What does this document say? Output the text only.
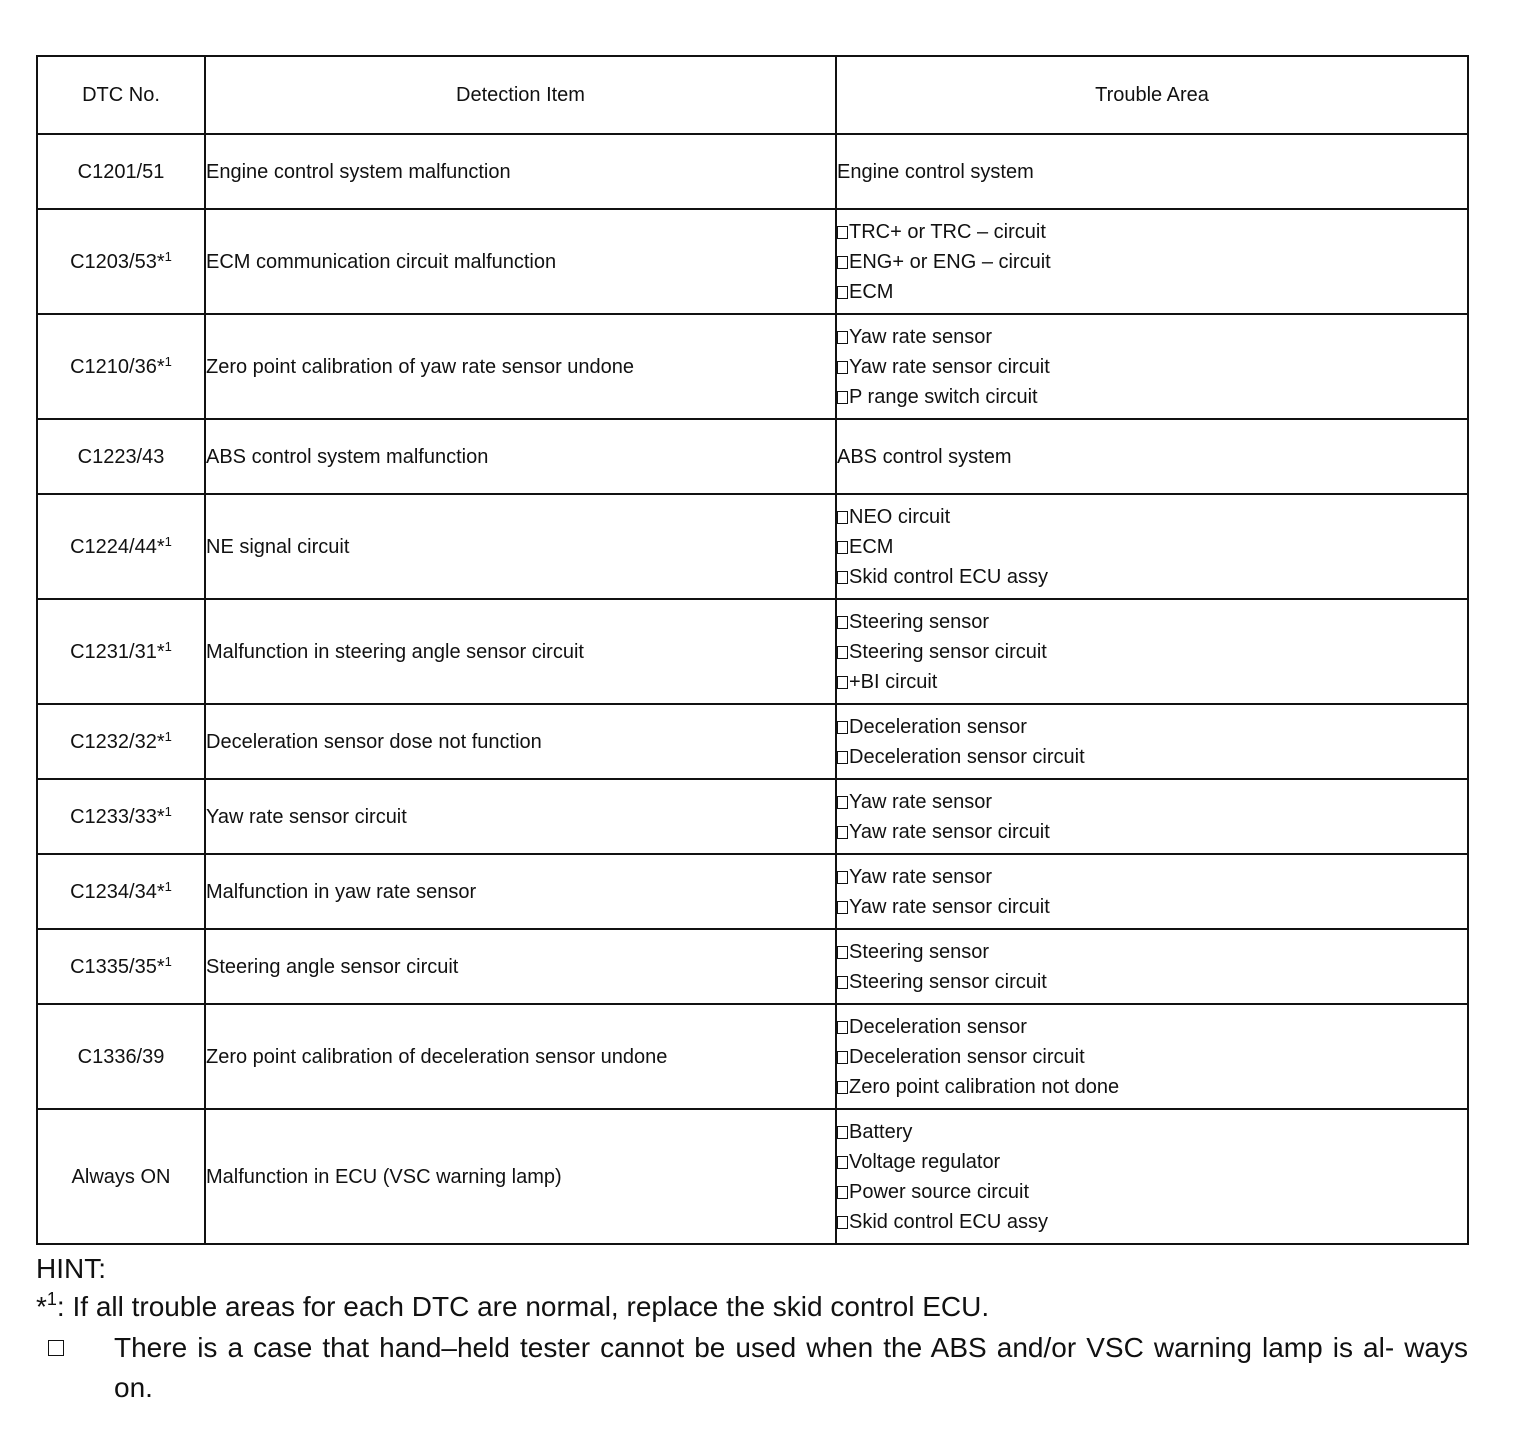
DTC No.	Detection Item	Trouble Area
C1201/51	Engine control system malfunction	Engine control system

C1203/53*$^1$	ECM communication circuit malfunction	TRC+ or TRC – circuit
ENG+ or ENG – circuit
ECM

C1210/36*$^1$	Zero point calibration of yaw rate sensor undone	Yaw rate sensor
Yaw rate sensor circuit
P range switch circuit

C1223/43	ABS control system malfunction	ABS control system

C1224/44*$^1$	NE signal circuit	NEO circuit
ECM
Skid control ECU assy

C1231/31*$^1$	Malfunction in steering angle sensor circuit	Steering sensor
Steering sensor circuit
+BI circuit

C1232/32*$^1$	Deceleration sensor dose not function	Deceleration sensor
Deceleration sensor circuit

C1233/33*$^1$	Yaw rate sensor circuit	Yaw rate sensor
Yaw rate sensor circuit

C1234/34*$^1$	Malfunction in yaw rate sensor	Yaw rate sensor
Yaw rate sensor circuit

C1335/35*$^1$	Steering angle sensor circuit	Steering sensor
Steering sensor circuit

C1336/39	Zero point calibration of deceleration sensor undone	Deceleration sensor
Deceleration sensor circuit
Zero point calibration not done

Always ON	Malfunction in ECU (VSC warning lamp)	Battery
Voltage regulator
Power source circuit
Skid control ECU assy
HINT:
*$^1$: If all trouble areas for each DTC are normal, replace the skid control ECU.
There is a case that hand–held tester cannot be used when the ABS and/or VSC warning lamp is al- ways on.
